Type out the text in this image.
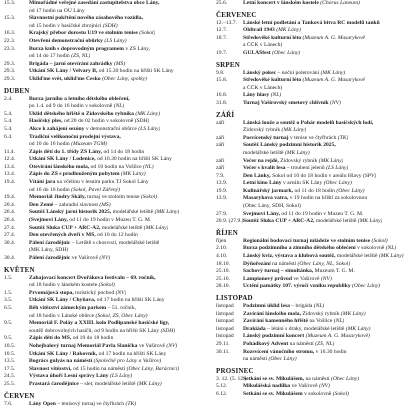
15.3.	Mimořádné veřejné zasedání zastupitelstva obce Lány,
od 17 hodin na OÚ Lány
15.3.	Slavnostní pokřtění nového zásahového vozidla,
od 15 hodin v hasičské zbrojnici (SDH)
16.3.	Krajský přebor dorostu U19 ve stolním tenise (Sokol)
22.3.	Otevření demonstrační obůrky (LS Lány)
23.3.	Burza knih s doprovodným programem v ZŠ Lány,
od 14 do 17 hodin (ZŠ, NL)
29.3.	Brigáda – jarní otevírání zahrádky (MŠ)
29.3.	Utkání SK Lány / Velvary B, od 15.30 hodin na hřišti SK Lány
29.3.	Ukliďme svět, ukliďme Česko (Obec Lány, spolky)
DUBEN
2.4.	Burza jarního a letního dětského oblečení,
po 1.4. od 9 do 16 hodin v sokolovně (NL)
5.4.	Úklid dětského hřiště u Židovského rybníka (MK Lány)
5.4.	Hasičský ples, od 20 do 02 hodin v sokolovně (SDH)
5.4.	Akce k zahájení sezóny v demonstrační obůrce (LS Lány)
6.4.	Tradiční velikonoční prodejní výstava,
od 10 do 16 hodin (Muzeum TGM)
11.4.	Zápis dětí do 1. třídy ZŠ Lány, od 14 do 18 hodin
12.4.	Utkání SK Lány / Lodenice, od 16.30 hodin na hřišti SK Lány
13.4.	Otevírání lánského mola, od 10 hodin na Vošilce (NL)
13.4.	Zápis do ZŠ s prodlouženým pobytem (MK Lány)
19.4.	Vítání jara na včelínu v lesním parku TJ Sokol Lány
od 16 do 16 hodin (Sokol, Pavel Zářený)
19.4.	Memoriál Jindry Skály, turnaj ve stolním tenise (Sokol)
20.4.	Den Země – zahradní slavnost (MŠ)
26.4.	Soutěž Lánský jarní historik 2025, modelářské letiště (MK Lány)
26.4.	(Svejmovi Lány, od 11 do 19 hodin v Muzeu T. G. M.
27.4.	Soutěž Sluka CUP + ARC-A2, modelářské letiště (MK Lány)
27.4.	Den otevřených dveří v MŠ, od 10 do 12 hodin
30.4.	Pálení čarodějnic – Letiště s chosvozí, modelářské letiště
(MK Lány, SDH)
30.4.	Pálení čarodějnic ve Vašírově (NV)
KVĚTEN
1.5.	Zahajovací koncert Dvořákova festivalu – 69. ročník,
od 18 hodin v lánském kostele (Sokol)
1.5.	Prvomájová stopa, turistický pochod (NV)
3.5.	Utkání SK Lány / Chyňava, od 17 hodin na hřišti SK Lány
6.5.	Běh vítězství zámeckým parkem – 51. ročník,
od 18 hodin v Lánské obůrce (Sokol, ZŠ, Obec Lány)
9.5.	Memoriál F. Poláy a XXIII. kolo Podlipanské hasičské ligy,
soutěž dobrovolných hasičů, od 9 hodin na hřišti SK Lány (SDH)
9.5.	Zápis dětí do MŠ, od 10 do 18 hodin
10.5.	Nohejbalový turnaj Memoriál Pavla Slanička ve Vašírově (NV)
10.5.	Utkání SK Lány / Rakovník, od 17 hodin na hřišti SK Lány
13.5.	Bogrács gulyás na náměstí (Společně pro Lány a Vašírov)
17.5.	Slavnost vítězství, od 15 hodin na náměstí (Obec Lány, Barácníci)
24.5.	Výstava úhoří Lesní správy Lány (LS Lány)
25.5.	Prastará čarodějnice – slet, modelářské letiště (MK Lány)
ČERVEN
7.6.	Lány Open – tenisový turnaj ve čtyřhrách (TK)
25.6.	Letní koncert v lánském kostele (Chorus Laneum)
ČERVENEC
12.–13.7.	Lánské letní podletání a Tanková bitva RC modelů tanků
12.7.	Oldtrail 1943 (MK Lány)
18.7.	Středověké kulturní léto (Muzeum A. G. Masarykově
a ČČK v Lánech)
19.7.	GULÁŠfest (Obec Lány)
SRPEN
9.8.	Lánský pokec – noční poletování (MK Lány)
15.8.	Středověké kulturní léto (Muzeum A. G. Masarykově
a ČČK v Lánech)
16.8.	Lány hlasy (NL)
31.8.	Turnaj Vašírovský smetový chlívník (NV)
ZÁŘÍ
září	Lánská louže a soutěž o Pohár modelů hasičských lodí,
Židovský rybník (MK Lány)
září	Posvícenský turnaj v tenise ve čtyřhrách (TK)
září	Soutěž Lánský podzimní historik 2025,
modelářské letiště (MK Lány)
září	Večer na rejdě, Židovský rybník (MK Lány)
září	Večer s kvalit lesa – troubení jelenů (LS Lány)
7.9.	Den Lánky, Sokol od 10 do 18 hodin v areálu Hlavy (SPV)
13.9.	Letní kino Lány v areálu SK Lány (Obec Lány)
19.9.	Kulinářský jarmark, od 11 do 18 hodin (Obec Lány)
13.9.	Masarykova vatra, v 19 hodin na hřišti za sokolovnou
(Obec Lány, SDH, Sokol)
27.9.	Svejmovi Lány, od 11 do 19 hodin v Muzeu T. G. M.
20.9. (27.9.) Soutěž Sluka CUP + ARC-A2, modelářské letiště (MK Lány)
ŘÍJEN
říjen	Regionální bodovací turnaj mládeže ve stolním tenise (Sokol)
2.10.	Burza podzimního a zimního dětského oblečení v sokolovně (NL)
4.10.	Lánský kvíz, výstava a klubová soutěž, modelářské letiště (MK Lány)
18.10.	Dýňořezání na náměstí (Obec Lány, NL, Sokol)
25.10.	Sachový turnaj – simultánka, Muzeum T. G. M.
25.10.	Lampionový průvod ve Vašírově (NV)
28.10.	Uctění památky 107. výročí vzniku republiky (Obec Lány)
LISTOPAD
listopad	Podzimní úklid lesa – brigáda (NL)
listopad	Zavírání lánského mola, Židovský rybník (MK Lány)
listopad	Zavírání kamenného hřiště na Vošilce (NL)
listopad	Drakiáda – létání s draky, modelářské letiště (MK Lány)
listopad	Lánský podzimní koncert (Muzeum A. G. Masarykově)
29.11.	Pohádkový Advent na náměstí (ZŠ, NL)
30.11.	Rozsvícení vánočního stromu, v 16.30 hodin
na náměstí (Obec Lány)
PROSINEC
3. 12. (5. 12.)
Setkání se sv. Mikulášem, na náměstí (Obec Lány)
5.12.	Mikulášská nadílka ve Vašírově (NV)
6.12.	Setkání se sv. Mikulášem v sokolovně (Sokol)
